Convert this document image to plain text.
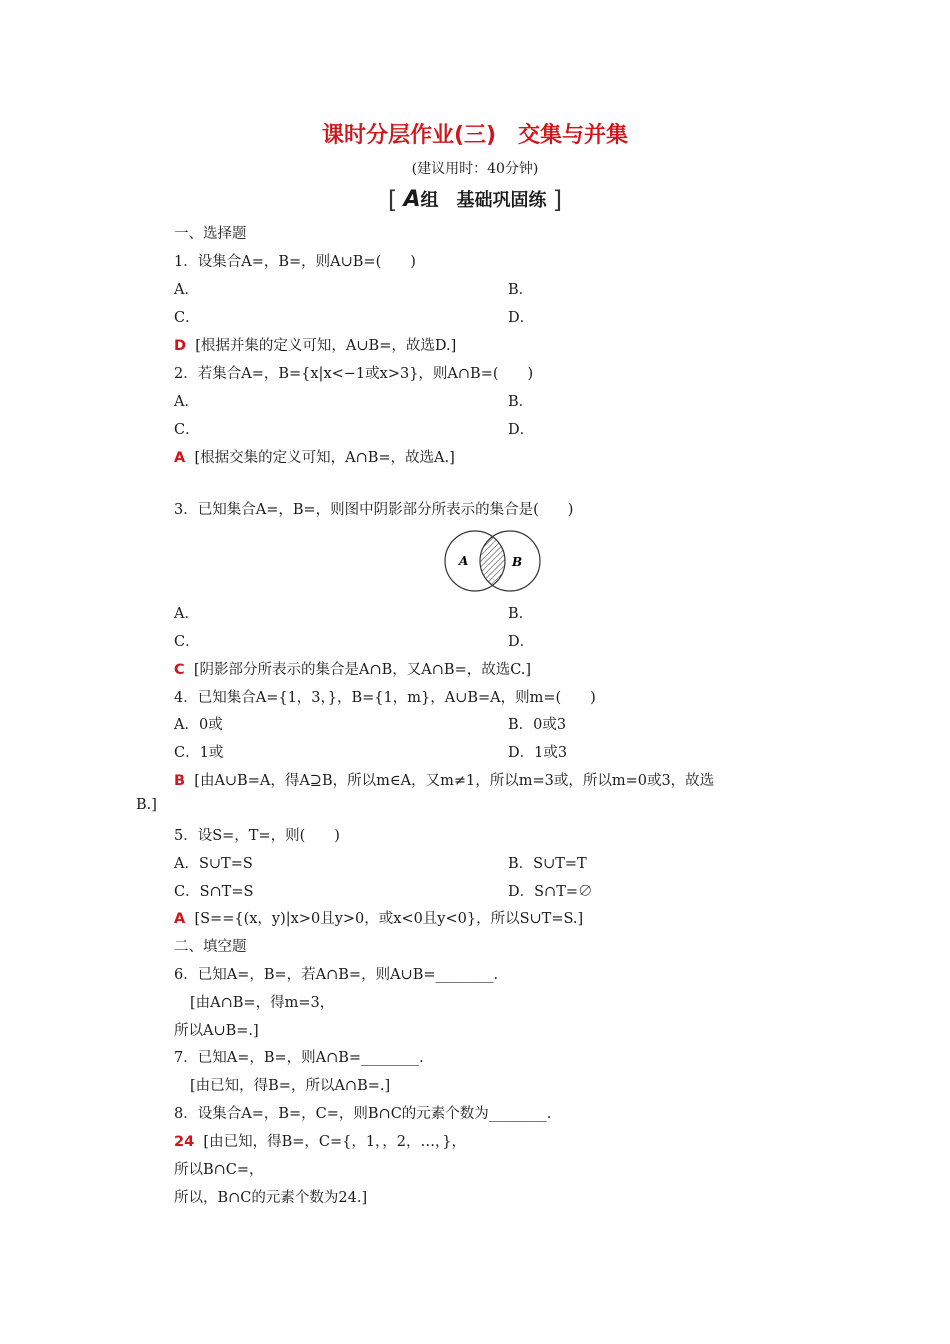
课时分层作业(三)　交集与并集
(建议用时：40分钟)
[ A组　基础巩固练 ]
一、选择题
1．设集合A=，B=，则A∪B=(　　)
A．	B．
C．	D．
D [根据并集的定义可知，A∪B=，故选D.]
2．若集合A=，B={x|x<−1或x>3}，则A∩B=(　　)
A．	B．
C．	D．
A [根据交集的定义可知，A∩B=，故选A.]
3．已知集合A=，B=，则图中阴影部分所表示的集合是(　　)
A	B
A．	B．
C．	D．
C [阴影部分所表示的集合是A∩B，又A∩B=，故选C.]
4．已知集合A={1，3，}，B={1，m}，A∪B=A，则m=(　　)
A．0或	B．0或3
C．1或	D．1或3
B [由A∪B=A，得A⊇B，所以m∈A，又m≠1，所以m=3或，所以m=0或3，故选
B.]
5．设S=，T=，则(　　)
A．S∪T=S	B．S∪T=T
C．S∩T=S	D．S∩T=∅
A [S=={(x，y)|x>0且y>0，或x<0且y<0}，所以S∪T=S.]
二、填空题
6．已知A=，B=，若A∩B=，则A∪B=________.
[由A∩B=，得m=3，
所以A∪B=.]
7．已知A=，B=，则A∩B=________.
[由已知，得B=，所以A∩B=.]
8．设集合A=，B=，C=，则B∩C的元素个数为________.
24 [由已知，得B=，C={，1，，2，…，}，
所以B∩C=，
所以，B∩C的元素个数为24.]
